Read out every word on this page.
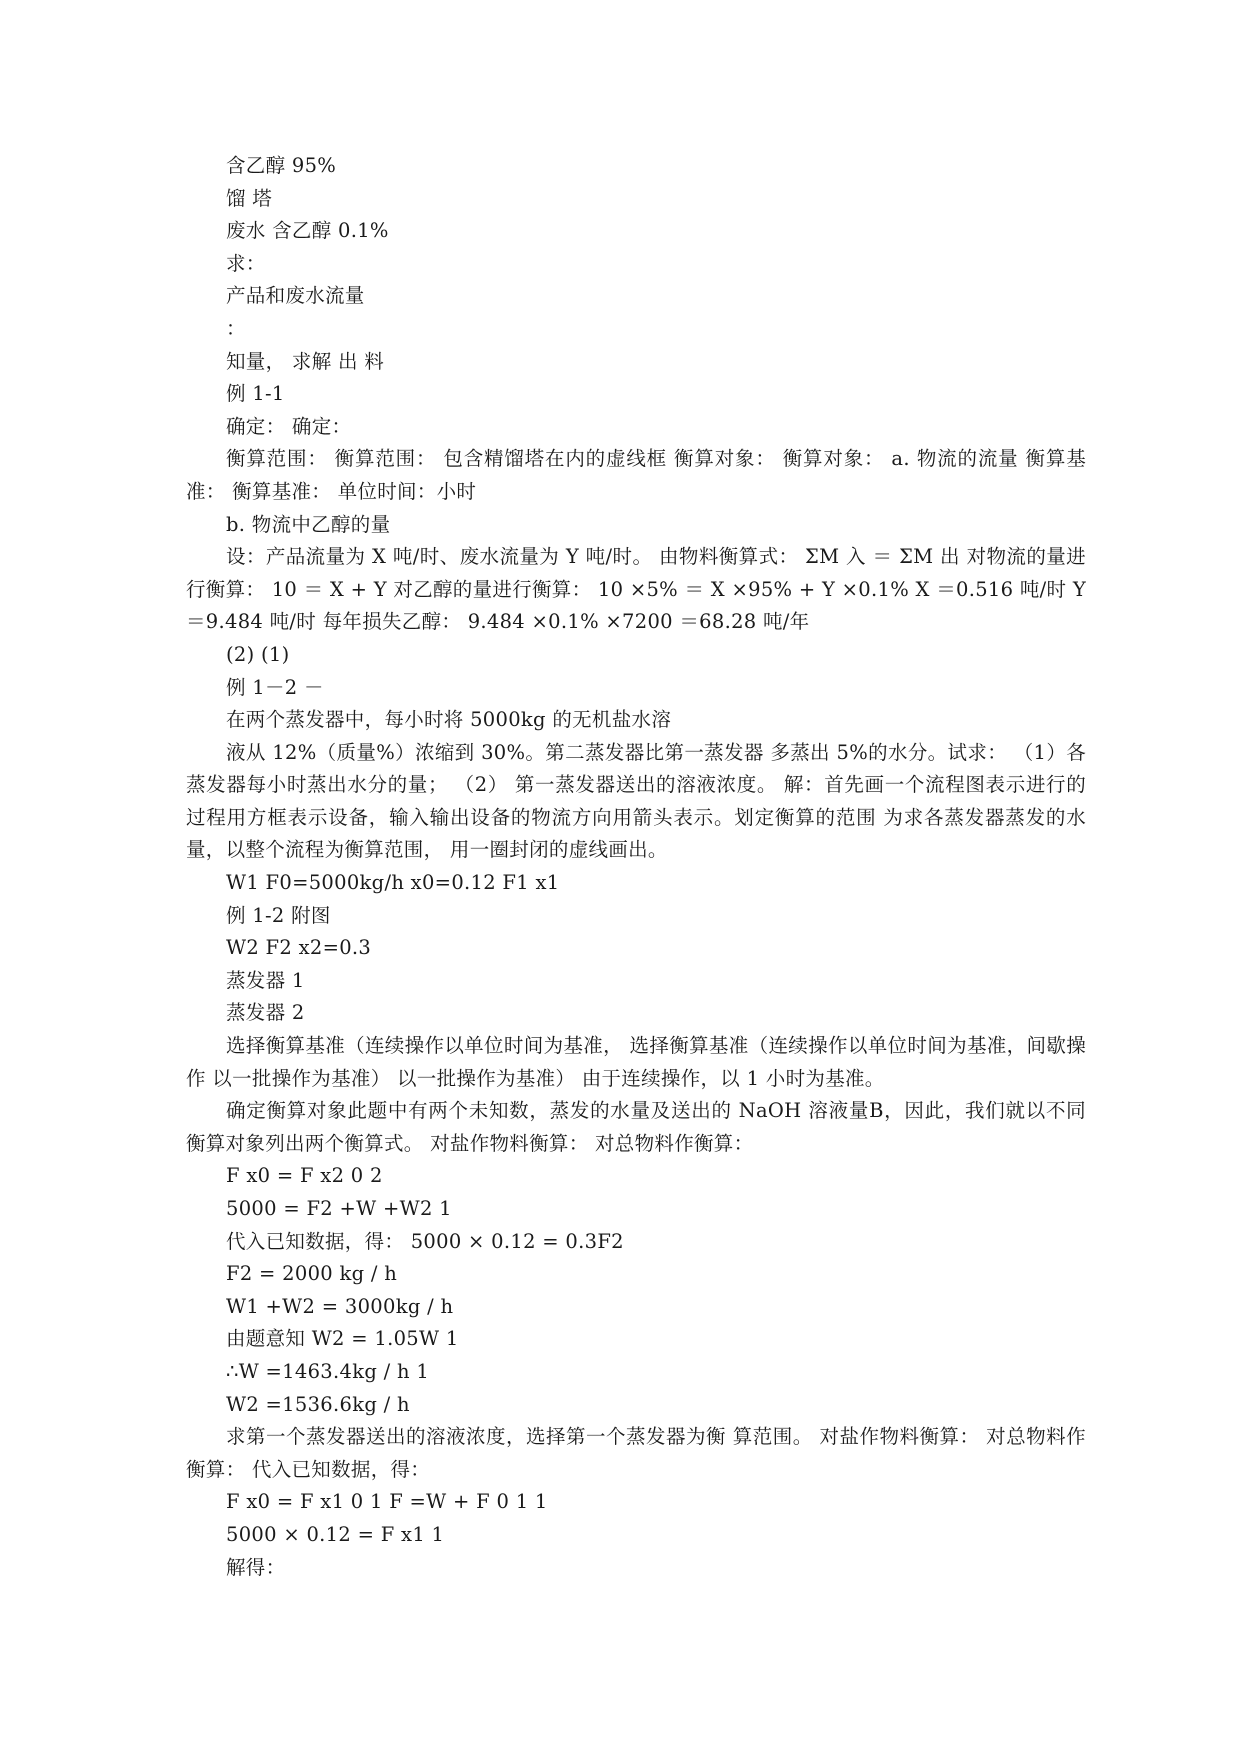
含乙醇 95%

馏 塔

废水 含乙醇 0.1%

求：

产品和废水流量

：

知量， 求解 出 料

例 1-1

确定： 确定：

衡算范围： 衡算范围： 包含精馏塔在内的虚线框 衡算对象： 衡算对象： a. 物流的流量 衡算基准： 衡算基准： 单位时间：小时

b. 物流中乙醇的量

设：产品流量为 X 吨/时、废水流量为 Y 吨/时。 由物料衡算式： ΣM 入 ＝ ΣM 出 对物流的量进行衡算： 10 ＝ X + Y 对乙醇的量进行衡算： 10 ×5% ＝ X ×95% + Y ×0.1% X ＝0.516 吨/时 Y ＝9.484 吨/时 每年损失乙醇： 9.484 ×0.1% ×7200 ＝68.28 吨/年

(2) (1)

例 1－2 －

在两个蒸发器中，每小时将 5000kg 的无机盐水溶

液从 12%（质量%）浓缩到 30%。第二蒸发器比第一蒸发器 多蒸出 5%的水分。试求： （1）各蒸发器每小时蒸出水分的量； （2） 第一蒸发器送出的溶液浓度。 解：首先画一个流程图表示进行的过程用方框表示设备，输入输出设备的物流方向用箭头表示。划定衡算的范围 为求各蒸发器蒸发的水量，以整个流程为衡算范围， 用一圈封闭的虚线画出。

W1 F0=5000kg/h x0=0.12 F1 x1

例 1-2 附图

W2 F2 x2=0.3

蒸发器 1

蒸发器 2

选择衡算基准（连续操作以单位时间为基准， 选择衡算基准（连续操作以单位时间为基准，间歇操作 以一批操作为基准） 以一批操作为基准） 由于连续操作，以 1 小时为基准。

确定衡算对象此题中有两个未知数，蒸发的水量及送出的 NaOH 溶液量B，因此，我们就以不同衡算对象列出两个衡算式。 对盐作物料衡算： 对总物料作衡算：

F x0 = F x2 0 2

5000 = F2 +W +W2 1

代入已知数据，得： 5000 × 0.12 = 0.3F2

F2 = 2000 kg / h

W1 +W2 = 3000kg / h

由题意知 W2 = 1.05W 1

∴W =1463.4kg / h 1

W2 =1536.6kg / h

求第一个蒸发器送出的溶液浓度，选择第一个蒸发器为衡 算范围。 对盐作物料衡算： 对总物料作衡算： 代入已知数据，得：

F x0 = F x1 0 1 F =W + F 0 1 1

5000 × 0.12 = F x1 1

解得：
